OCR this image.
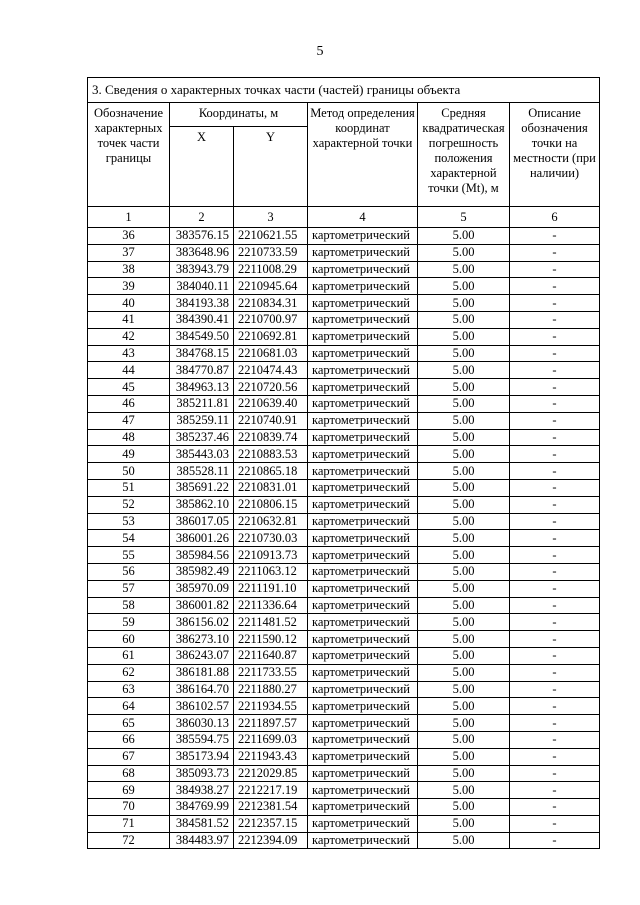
5
3. Сведения о характерных точках части (частей) границы объекта					
Обозначение характерных точек части границы	Координаты, м		Метод определения координат характерной точки	Средняя квадратическая погрешность положения характерной точки (Mt), м	Описание обозначения точки на местности (при наличии)
	X	Y			
1	2	3	4	5	6
36	383576.15	2210621.55	картометрический	5.00	-
37	383648.96	2210733.59	картометрический	5.00	-
38	383943.79	2211008.29	картометрический	5.00	-
39	384040.11	2210945.64	картометрический	5.00	-
40	384193.38	2210834.31	картометрический	5.00	-
41	384390.41	2210700.97	картометрический	5.00	-
42	384549.50	2210692.81	картометрический	5.00	-
43	384768.15	2210681.03	картометрический	5.00	-
44	384770.87	2210474.43	картометрический	5.00	-
45	384963.13	2210720.56	картометрический	5.00	-
46	385211.81	2210639.40	картометрический	5.00	-
47	385259.11	2210740.91	картометрический	5.00	-
48	385237.46	2210839.74	картометрический	5.00	-
49	385443.03	2210883.53	картометрический	5.00	-
50	385528.11	2210865.18	картометрический	5.00	-
51	385691.22	2210831.01	картометрический	5.00	-
52	385862.10	2210806.15	картометрический	5.00	-
53	386017.05	2210632.81	картометрический	5.00	-
54	386001.26	2210730.03	картометрический	5.00	-
55	385984.56	2210913.73	картометрический	5.00	-
56	385982.49	2211063.12	картометрический	5.00	-
57	385970.09	2211191.10	картометрический	5.00	-
58	386001.82	2211336.64	картометрический	5.00	-
59	386156.02	2211481.52	картометрический	5.00	-
60	386273.10	2211590.12	картометрический	5.00	-
61	386243.07	2211640.87	картометрический	5.00	-
62	386181.88	2211733.55	картометрический	5.00	-
63	386164.70	2211880.27	картометрический	5.00	-
64	386102.57	2211934.55	картометрический	5.00	-
65	386030.13	2211897.57	картометрический	5.00	-
66	385594.75	2211699.03	картометрический	5.00	-
67	385173.94	2211943.43	картометрический	5.00	-
68	385093.73	2212029.85	картометрический	5.00	-
69	384938.27	2212217.19	картометрический	5.00	-
70	384769.99	2212381.54	картометрический	5.00	-
71	384581.52	2212357.15	картометрический	5.00	-
72	384483.97	2212394.09	картометрический	5.00	-
